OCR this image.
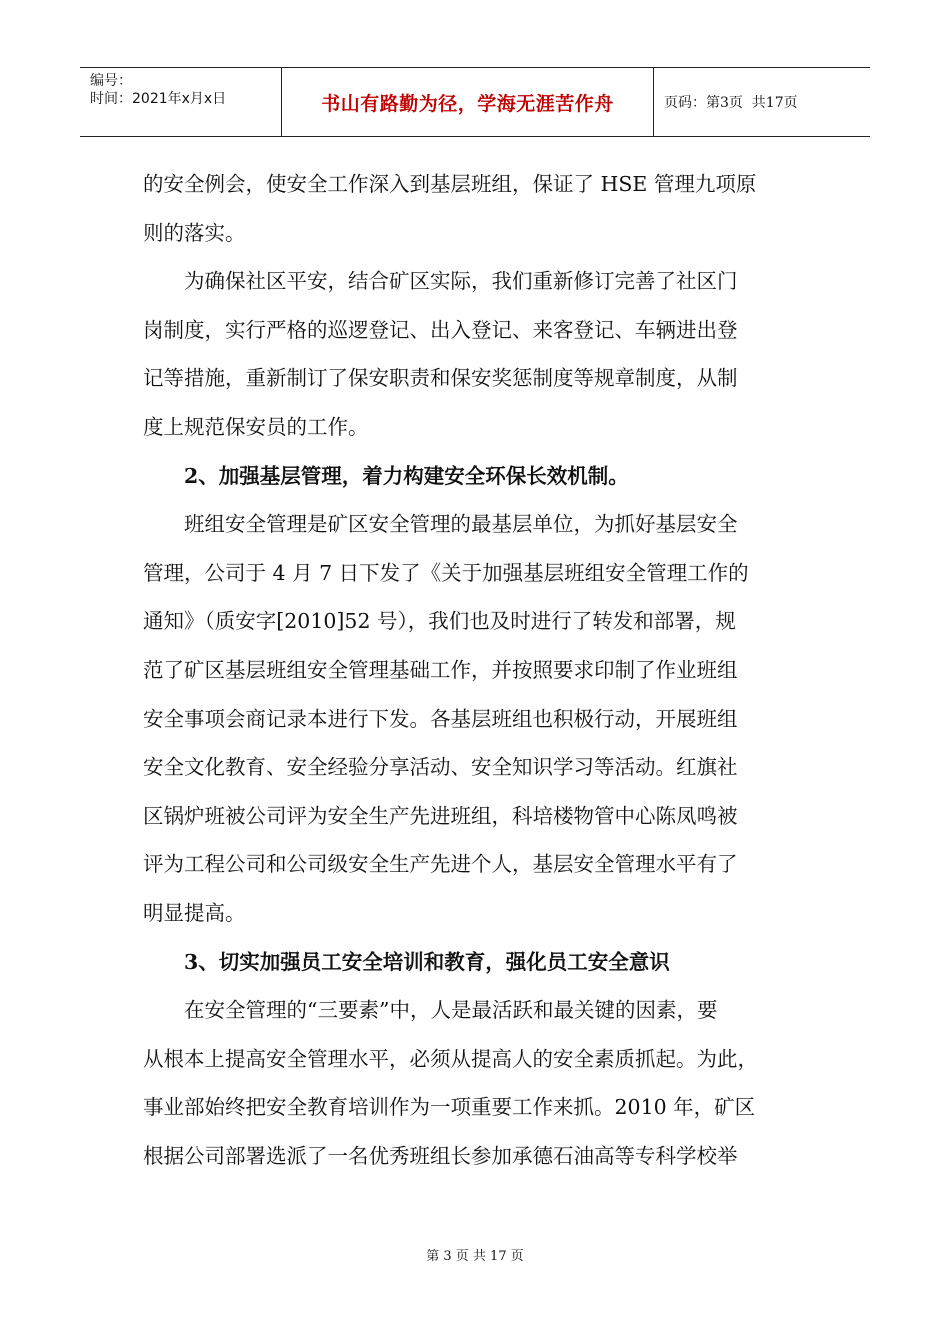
编号：
时间：2021年x月x日	书山有路勤为径，学海无涯苦作舟	页码：第3页  共17页
的安全例会，使安全工作深入到基层班组，保证了 HSE 管理九项原
则的落实。
　　为确保社区平安，结合矿区实际，我们重新修订完善了社区门
岗制度，实行严格的巡逻登记、出入登记、来客登记、车辆进出登
记等措施，重新制订了保安职责和保安奖惩制度等规章制度，从制
度上规范保安员的工作。
　　2、加强基层管理，着力构建安全环保长效机制。
　　班组安全管理是矿区安全管理的最基层单位，为抓好基层安全
管理，公司于 4 月 7 日下发了《关于加强基层班组安全管理工作的
通知》（质安字[2010]52 号），我们也及时进行了转发和部署，规
范了矿区基层班组安全管理基础工作，并按照要求印制了作业班组
安全事项会商记录本进行下发。各基层班组也积极行动，开展班组
安全文化教育、安全经验分享活动、安全知识学习等活动。红旗社
区锅炉班被公司评为安全生产先进班组，科培楼物管中心陈凤鸣被
评为工程公司和公司级安全生产先进个人，基层安全管理水平有了
明显提高。
　　3、切实加强员工安全培训和教育，强化员工安全意识
　　在安全管理的“三要素”中，人是最活跃和最关键的因素，要
从根本上提高安全管理水平，必须从提高人的安全素质抓起。为此，
事业部始终把安全教育培训作为一项重要工作来抓。2010 年，矿区
根据公司部署选派了一名优秀班组长参加承德石油高等专科学校举
第 3 页 共 17 页
